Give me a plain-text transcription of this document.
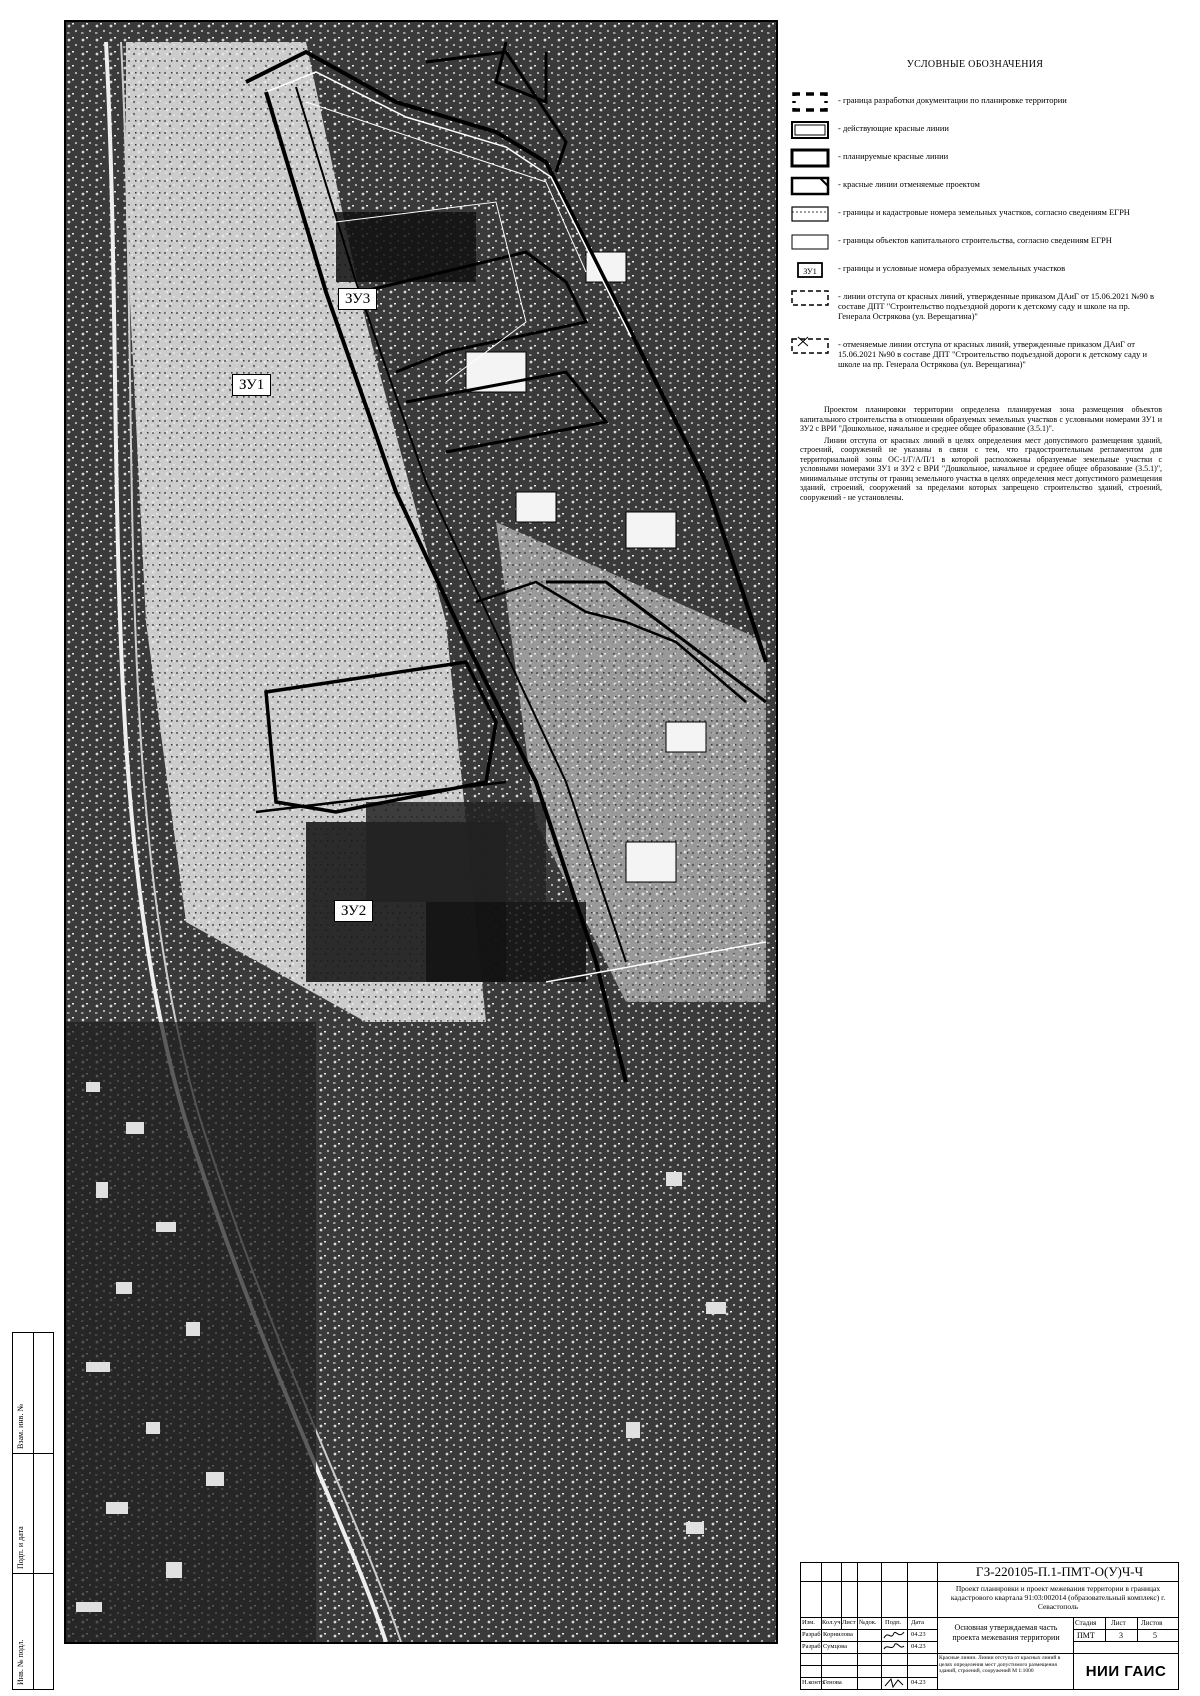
ЗУ1
ЗУ2
ЗУ3
УСЛОВНЫЕ ОБОЗНАЧЕНИЯ
- граница разработки документации по планировке территории
- действующие красные линии
- планируемые красные линии
- красные линии отменяемые проектом
- границы и кадастровые номера земельных участков, согласно сведениям ЕГРН
- границы объектов капитального строительства, согласно сведениям ЕГРН
ЗУ1	- границы и условные номера образуемых земельных участков
- линии отступа от красных линий, утвержденные приказом ДАиГ от 15.06.2021 №90 в составе ДПТ "Строительство подъездной дороги к детскому саду и школе на пр. Генерала Острякова (ул. Верещагина)"
- отменяемые линии отступа от красных линий, утвержденные приказом ДАиГ от 15.06.2021 №90 в составе ДПТ "Строительство подъездной дороги к детскому саду и школе на пр. Генерала Острякова (ул. Верещагина)"

Проектом планировки территории определена планируемая зона размещения объектов капитального строительства в отношении образуемых земельных участков с условными номерами ЗУ1 и ЗУ2 с ВРИ "Дошкольное, начальное и среднее общее образование (3.5.1)".

Линии отступа от красных линий в целях определения мест допустимого размещения зданий, строений, сооружений не указаны в связи с тем, что градостроительным регламентом для территориальной зоны ОС-1/Г/А/П/1 в которой расположены образуемые земельные участки с условными номерами ЗУ1 и ЗУ2 с ВРИ "Дошкольное, начальное и среднее общее образование (3.5.1)", минимальные отступы от границ земельного участка в целях определения мест допустимого размещения зданий, строений, сооружений за пределами которых запрещено строительство зданий, строений, сооружений - не установлены.

Взам. инв. №
Подп. и дата
Инв. № подл.
ГЗ-220105-П.1-ПМТ-О(У)Ч-Ч
Проект планировки и проект межевания территории в границах кадастрового квартала 91:03:002014 (образовательный комплекс) г. Севастополь
Изм. Кол.уч. Лист №док. Подп. Дата
Разраб. Корнилова	04.23
Разраб. Сумцова	04.23
Н.контр.
Генова	04.23
Основная утверждаемая часть проекта межевания территории
Стадия Лист Листов
ПМТ	3	5
Красные линии. Линии отступа от красных линий в целях определения мест допустимого размещения зданий, строений, сооружений М 1:1000	НИИ ГАИС
